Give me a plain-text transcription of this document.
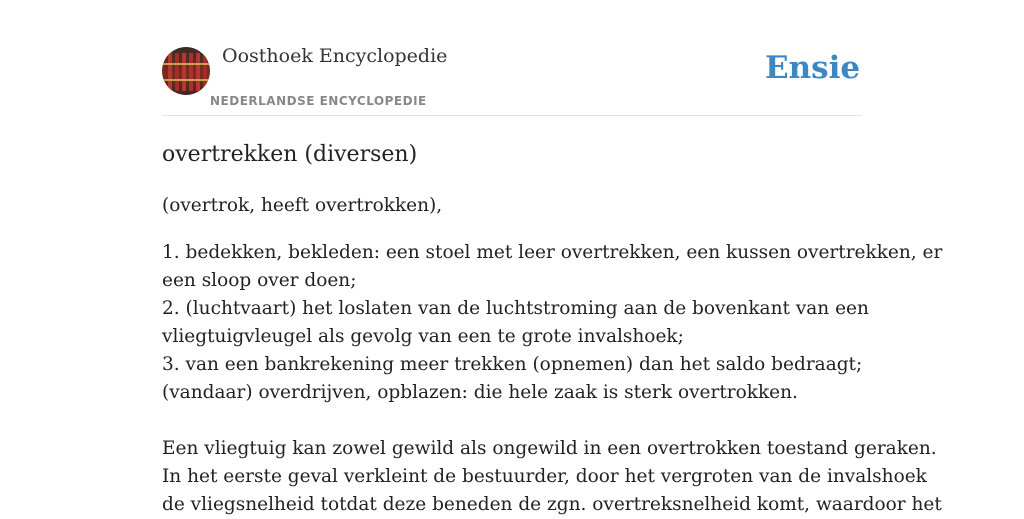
Oosthoek Encyclopedie
NEDERLANDSE ENCYCLOPEDIE
Ensie
overtrekken (diversen)
(overtrok, heeft overtrokken),
1. bedekken, bekleden: een stoel met leer overtrekken, een kussen overtrekken, er
een sloop over doen;
2. (luchtvaart) het loslaten van de luchtstroming aan de bovenkant van een
vliegtuigvleugel als gevolg van een te grote invalshoek;
3. van een bankrekening meer trekken (opnemen) dan het saldo bedraagt;
(vandaar) overdrijven, opblazen: die hele zaak is sterk overtrokken.
Een vliegtuig kan zowel gewild als ongewild in een overtrokken toestand geraken.
In het eerste geval verkleint de bestuurder, door het vergroten van de invalshoek
de vliegsnelheid totdat deze beneden de zgn. overtreksnelheid komt, waardoor het
